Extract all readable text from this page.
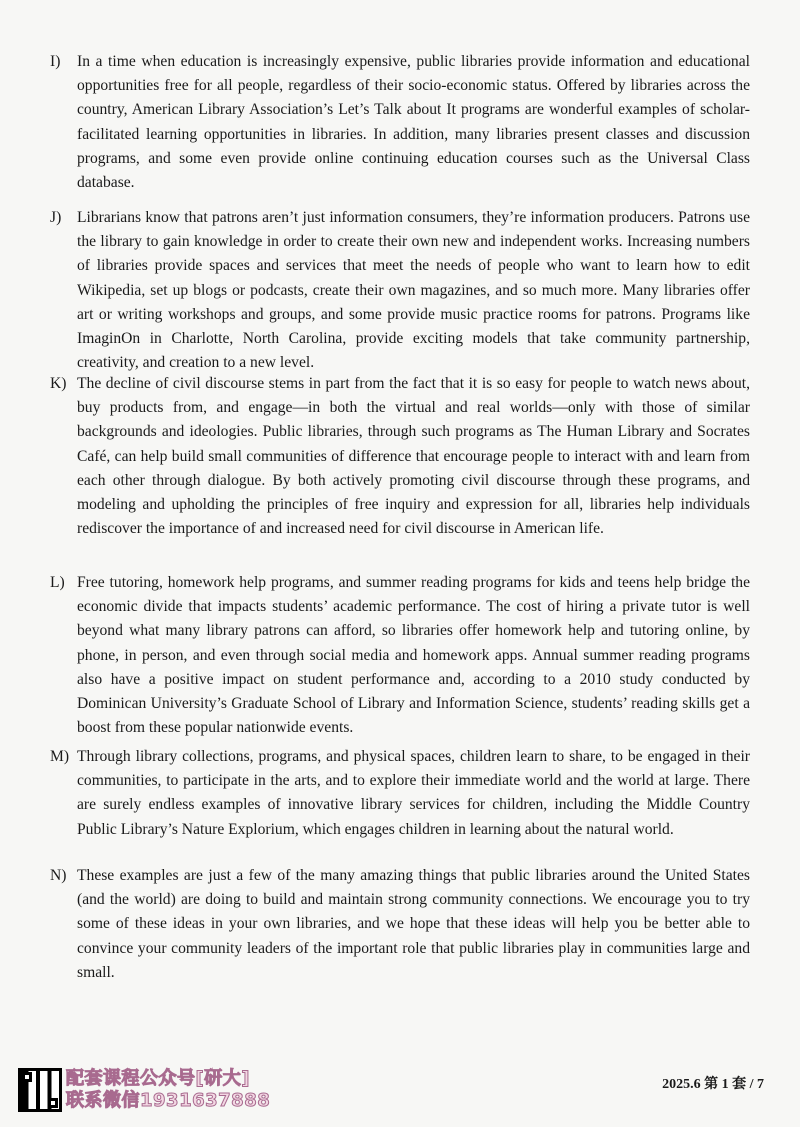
I)	In a time when education is increasingly expensive, public libraries provide information and educational opportunities free for all people, regardless of their socio-economic status. Offered by libraries across the country, American Library Association’s Let’s Talk about It programs are wonderful examples of scholar-facilitated learning opportunities in libraries. In addition, many libraries present classes and discussion programs, and some even provide online continuing education courses such as the Universal Class database.
J)	Librarians know that patrons aren’t just information consumers, they’re information producers. Patrons use the library to gain knowledge in order to create their own new and independent works. Increasing numbers of libraries provide spaces and services that meet the needs of people who want to learn how to edit Wikipedia, set up blogs or podcasts, create their own magazines, and so much more. Many libraries offer art or writing workshops and groups, and some provide music practice rooms for patrons. Programs like ImaginOn in Charlotte, North Carolina, provide exciting models that take community partnership, creativity, and creation to a new level.
K) The decline of civil discourse stems in part from the fact that it is so easy for people to watch news about, buy products from, and engage—in both the virtual and real worlds—only with those of similar backgrounds and ideologies. Public libraries, through such programs as The Human Library and Socrates Café, can help build small communities of difference that encourage people to interact with and learn from each other through dialogue. By both actively promoting civil discourse through these programs, and modeling and upholding the principles of free inquiry and expression for all, libraries help individuals rediscover the importance of and increased need for civil discourse in American life.
L) Free tutoring, homework help programs, and summer reading programs for kids and teens help bridge the economic divide that impacts students’ academic performance. The cost of hiring a private tutor is well beyond what many library patrons can afford, so libraries offer homework help and tutoring online, by phone, in person, and even through social media and homework apps. Annual summer reading programs also have a positive impact on student performance and, according to a 2010 study conducted by Dominican University’s Graduate School of Library and Information Science, students’ reading skills get a boost from these popular nationwide events.
M) Through library collections, programs, and physical spaces, children learn to share, to be engaged in their communities, to participate in the arts, and to explore their immediate world and the world at large. There are surely endless examples of innovative library services for children, including the Middle Country Public Library’s Nature Explorium, which engages children in learning about the natural world.
N) These examples are just a few of the many amazing things that public libraries around the United States (and the world) are doing to build and maintain strong community connections. We encourage you to try some of these ideas in your own libraries, and we hope that these ideas will help you be better able to convince your community leaders of the important role that public libraries play in communities large and small.
配套课程公众号[研大]
联系微信1931637888
2025.6 第 1 套 / 7
